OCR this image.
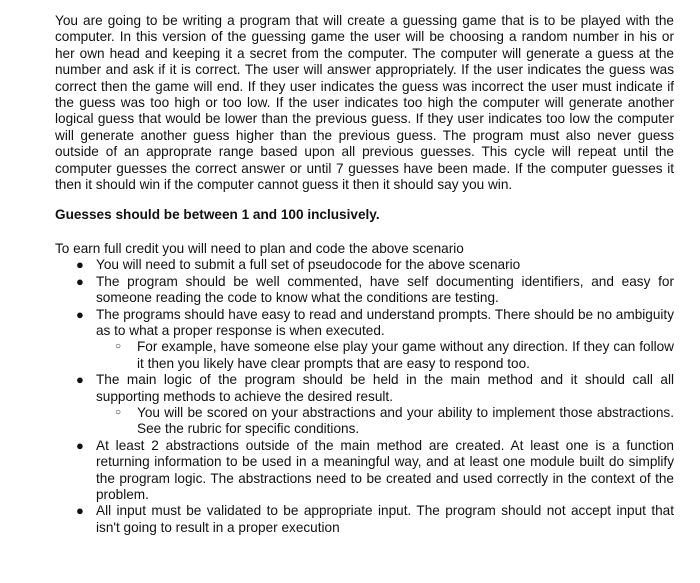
You are going to be writing a program that will create a guessing game that is to be played with the computer. In this version of the guessing game the user will be choosing a random number in his or her own head and keeping it a secret from the computer. The computer will generate a guess at the number and ask if it is correct. The user will answer appropriately. If the user indicates the guess was correct then the game will end. If they user indicates the guess was incorrect the user must indicate if the guess was too high or too low. If the user indicates too high the computer will generate another logical guess that would be lower than the previous guess. If they user indicates too low the computer will generate another guess higher than the previous guess. The program must also never guess outside of an approprate range based upon all previous guesses. This cycle will repeat until the computer guesses the correct answer or until 7 guesses have been made. If the computer guesses it then it should win if the computer cannot guess it then it should say you win.

Guesses should be between 1 and 100 inclusively.

To earn full credit you will need to plan and code the above scenario

● You will need to submit a full set of pseudocode for the above scenario
● The program should be well commented, have self documenting identifiers, and easy for someone reading the code to know what the conditions are testing.
● The programs should have easy to read and understand prompts. There should be no ambiguity as to what a proper response is when executed.
○ For example, have someone else play your game without any direction. If they can follow it then you likely have clear prompts that are easy to respond too.
● The main logic of the program should be held in the main method and it should call all supporting methods to achieve the desired result.
○ You will be scored on your abstractions and your ability to implement those abstractions. See the rubric for specific conditions.
● At least 2 abstractions outside of the main method are created. At least one is a function returning information to be used in a meaningful way, and at least one module built do simplify the program logic. The abstractions need to be created and used correctly in the context of the problem.
● All input must be validated to be appropriate input. The program should not accept input that isn't going to result in a proper execution
